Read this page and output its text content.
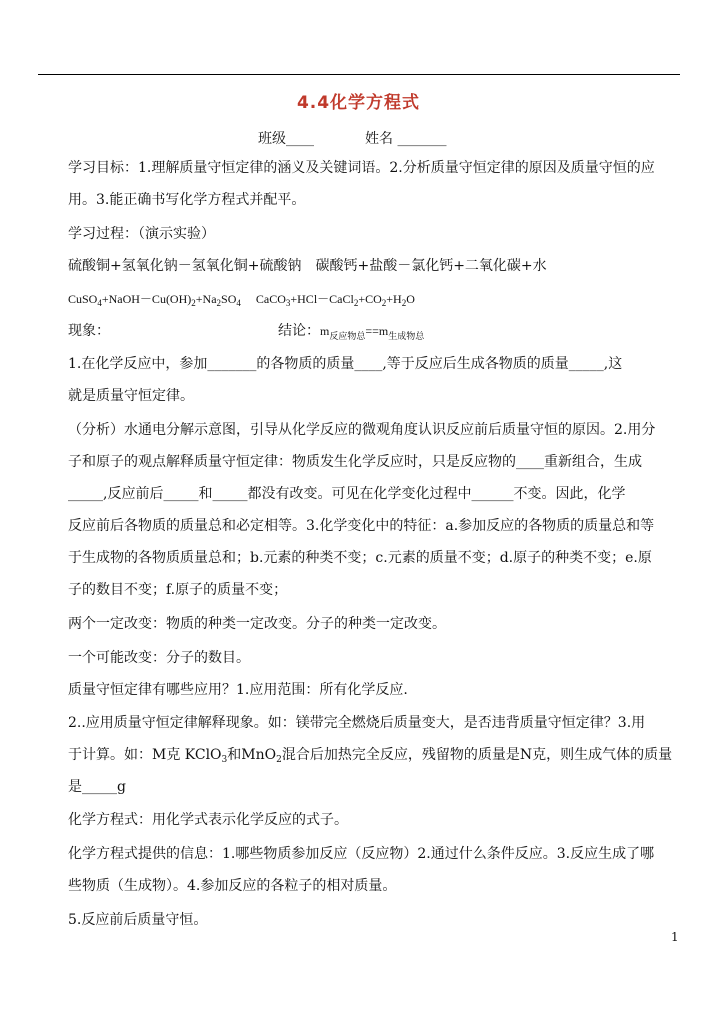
4.4化学方程式
班级____	姓名 _______
学习目标：1.理解质量守恒定律的涵义及关键词语。2.分析质量守恒定律的原因及质量守恒的应
用。3.能正确书写化学方程式并配平。
学习过程：（演示实验）
硫酸铜+氢氧化钠－氢氧化铜+硫酸钠　碳酸钙+盐酸－氯化钙+二氧化碳+水
$CuSO_4+NaOH-Cu(OH)_2+Na_2SO_4$ $CaCO_3+HCl-CaCl_2+CO_2+H_2O$
现象：	结论：$m_{反应物总}==m_{生成物总}$
1.在化学反应中，参加_______的各物质的质量____,等于反应后生成各物质的质量_____,这
就是质量守恒定律。
（分析）水通电分解示意图，引导从化学反应的微观角度认识反应前后质量守恒的原因。2.用分
子和原子的观点解释质量守恒定律：物质发生化学反应时，只是反应物的____重新组合，生成
_____,反应前后_____和_____都没有改变。可见在化学变化过程中______不变。因此，化学
反应前后各物质的质量总和必定相等。3.化学变化中的特征：a.参加反应的各物质的质量总和等
于生成物的各物质质量总和；b.元素的种类不变；c.元素的质量不变；d.原子的种类不变；e.原
子的数目不变；f.原子的质量不变；
两个一定改变：物质的种类一定改变。分子的种类一定改变。
一个可能改变：分子的数目。
质量守恒定律有哪些应用？1.应用范围：所有化学反应.
2..应用质量守恒定律解释现象。如：镁带完全燃烧后质量变大，是否违背质量守恒定律？3.用
于计算。如：M克 KClO$_3$和MnO$_2$混合后加热完全反应，残留物的质量是N克，则生成气体的质量
是_____g
化学方程式：用化学式表示化学反应的式子。
化学方程式提供的信息：1.哪些物质参加反应（反应物）2.通过什么条件反应。3.反应生成了哪
些物质（生成物）。4.参加反应的各粒子的相对质量。
5.反应前后质量守恒。
1
